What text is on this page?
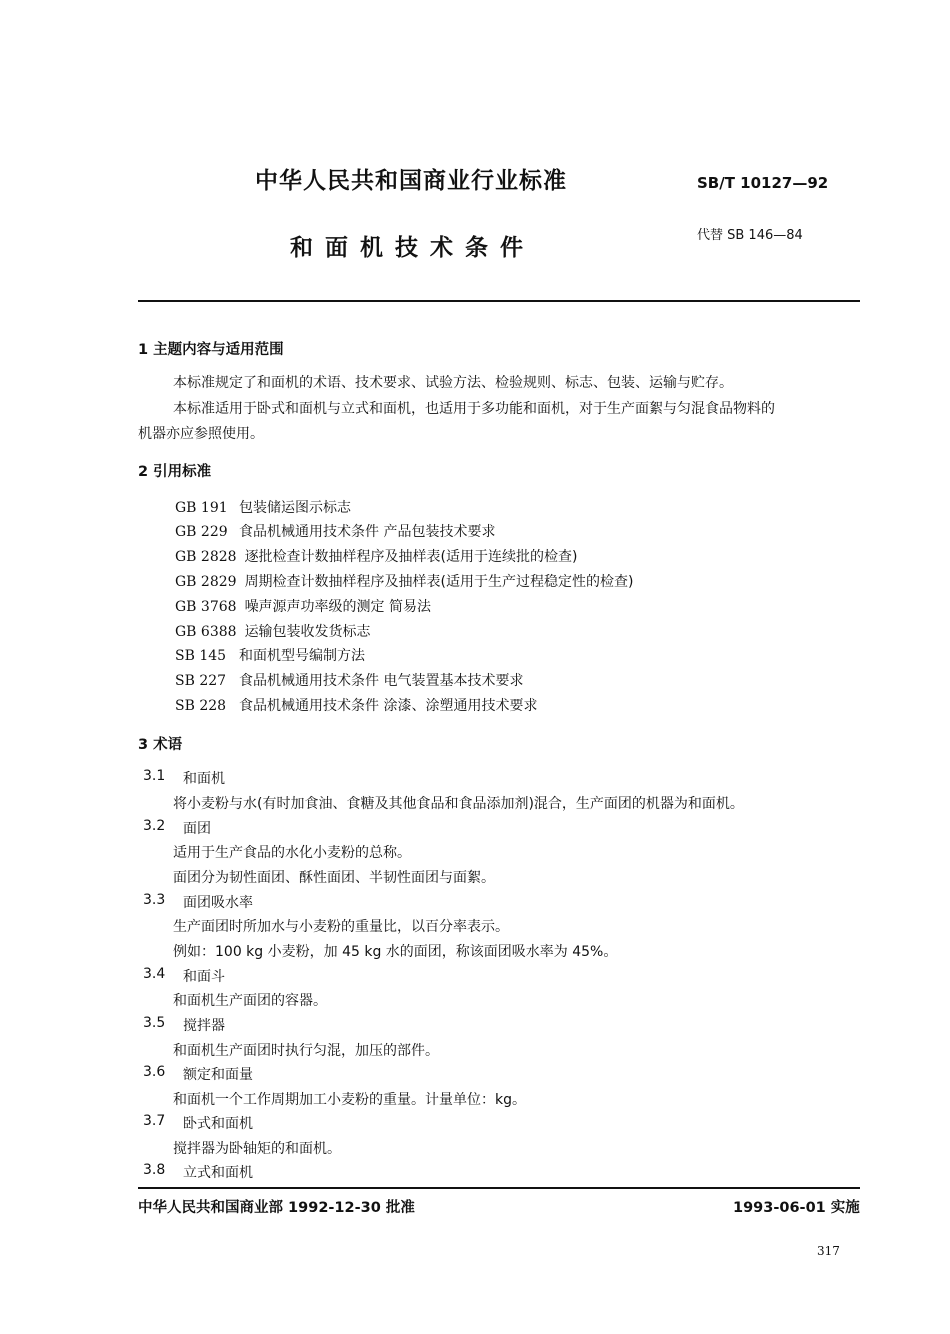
中华人民共和国商业行业标准	SB/T 10127—92
和面机技术条件	代替 SB 146—84
1 主题内容与适用范围
本标准规定了和面机的术语、技术要求、试验方法、检验规则、标志、包装、运输与贮存。
本标准适用于卧式和面机与立式和面机，也适用于多功能和面机，对于生产面絮与匀混食品物料的
机器亦应参照使用。
2 引用标准
GB 191 包装储运图示标志
GB 229 食品机械通用技术条件 产品包装技术要求
GB 2828 逐批检查计数抽样程序及抽样表(适用于连续批的检查)
GB 2829 周期检查计数抽样程序及抽样表(适用于生产过程稳定性的检查)
GB 3768 噪声源声功率级的测定 简易法
GB 6388 运输包装收发货标志
SB 145 和面机型号编制方法
SB 227 食品机械通用技术条件 电气装置基本技术要求
SB 228 食品机械通用技术条件 涂漆、涂塑通用技术要求
3 术语
3.1 和面机
将小麦粉与水(有时加食油、食糖及其他食品和食品添加剂)混合，生产面团的机器为和面机。
3.2 面团
适用于生产食品的水化小麦粉的总称。
面团分为韧性面团、酥性面团、半韧性面团与面絮。
3.3 面团吸水率
生产面团时所加水与小麦粉的重量比，以百分率表示。
例如：100 kg 小麦粉，加 45 kg 水的面团，称该面团吸水率为 45%。
3.4 和面斗
和面机生产面团的容器。
3.5 搅拌器
和面机生产面团时执行匀混，加压的部件。
3.6 额定和面量
和面机一个工作周期加工小麦粉的重量。计量单位：kg。
3.7 卧式和面机
搅拌器为卧轴矩的和面机。
3.8 立式和面机
中华人民共和国商业部 1992-12-30 批准	1993-06-01 实施
317
